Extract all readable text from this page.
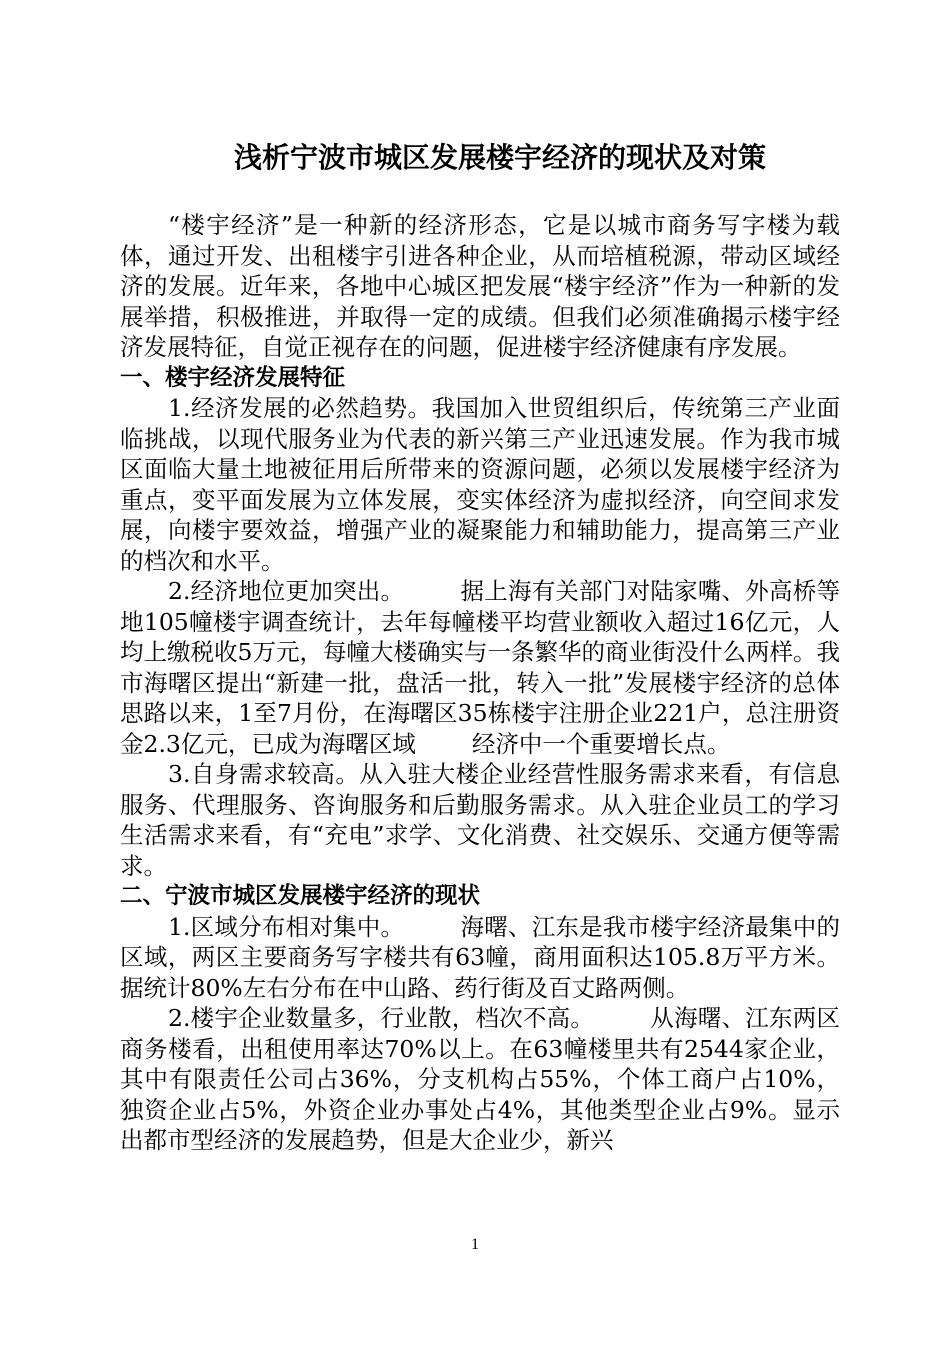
浅析宁波市城区发展楼宇经济的现状及对策

“楼宇经济”是一种新的经济形态，它是以城市商务写字楼为载体，通过开发、出租楼宇引进各种企业，从而培植税源，带动区域经济的发展。近年来，各地中心城区把发展“楼宇经济”作为一种新的发展举措，积极推进，并取得一定的成绩。但我们必须准确揭示楼宇经济发展特征，自觉正视存在的问题，促进楼宇经济健康有序发展。

一、楼宇经济发展特征

1.经济发展的必然趋势。我国加入世贸组织后，传统第三产业面临挑战，以现代服务业为代表的新兴第三产业迅速发展。作为我市城区面临大量土地被征用后所带来的资源问题，必须以发展楼宇经济为重点，变平面发展为立体发展，变实体经济为虚拟经济，向空间求发展，向楼宇要效益，增强产业的凝聚能力和辅助能力，提高第三产业的档次和水平。

2.经济地位更加突出。 据上海有关部门对陆家嘴、外高桥等地105幢楼宇调查统计，去年每幢楼平均营业额收入超过16亿元，人均上缴税收5万元，每幢大楼确实与一条繁华的商业街没什么两样。我市海曙区提出“新建一批，盘活一批，转入一批”发展楼宇经济的总体思路以来，1至7月份，在海曙区35栋楼宇注册企业221户，总注册资金2.3亿元，已成为海曙区域 经济中一个重要增长点。

3.自身需求较高。从入驻大楼企业经营性服务需求来看，有信息服务、代理服务、咨询服务和后勤服务需求。从入驻企业员工的学习生活需求来看，有“充电”求学、文化消费、社交娱乐、交通方便等需求。

二、宁波市城区发展楼宇经济的现状

1.区域分布相对集中。 海曙、江东是我市楼宇经济最集中的区域，两区主要商务写字楼共有63幢，商用面积达105.8万平方米。据统计80%左右分布在中山路、药行街及百丈路两侧。

2.楼宇企业数量多，行业散，档次不高。 从海曙、江东两区商务楼看，出租使用率达70%以上。在63幢楼里共有2544家企业，其中有限责任公司占36%，分支机构占55%，个体工商户占10%，独资企业占5%，外资企业办事处占4%，其他类型企业占9%。显示出都市型经济的发展趋势，但是大企业少，新兴

1
